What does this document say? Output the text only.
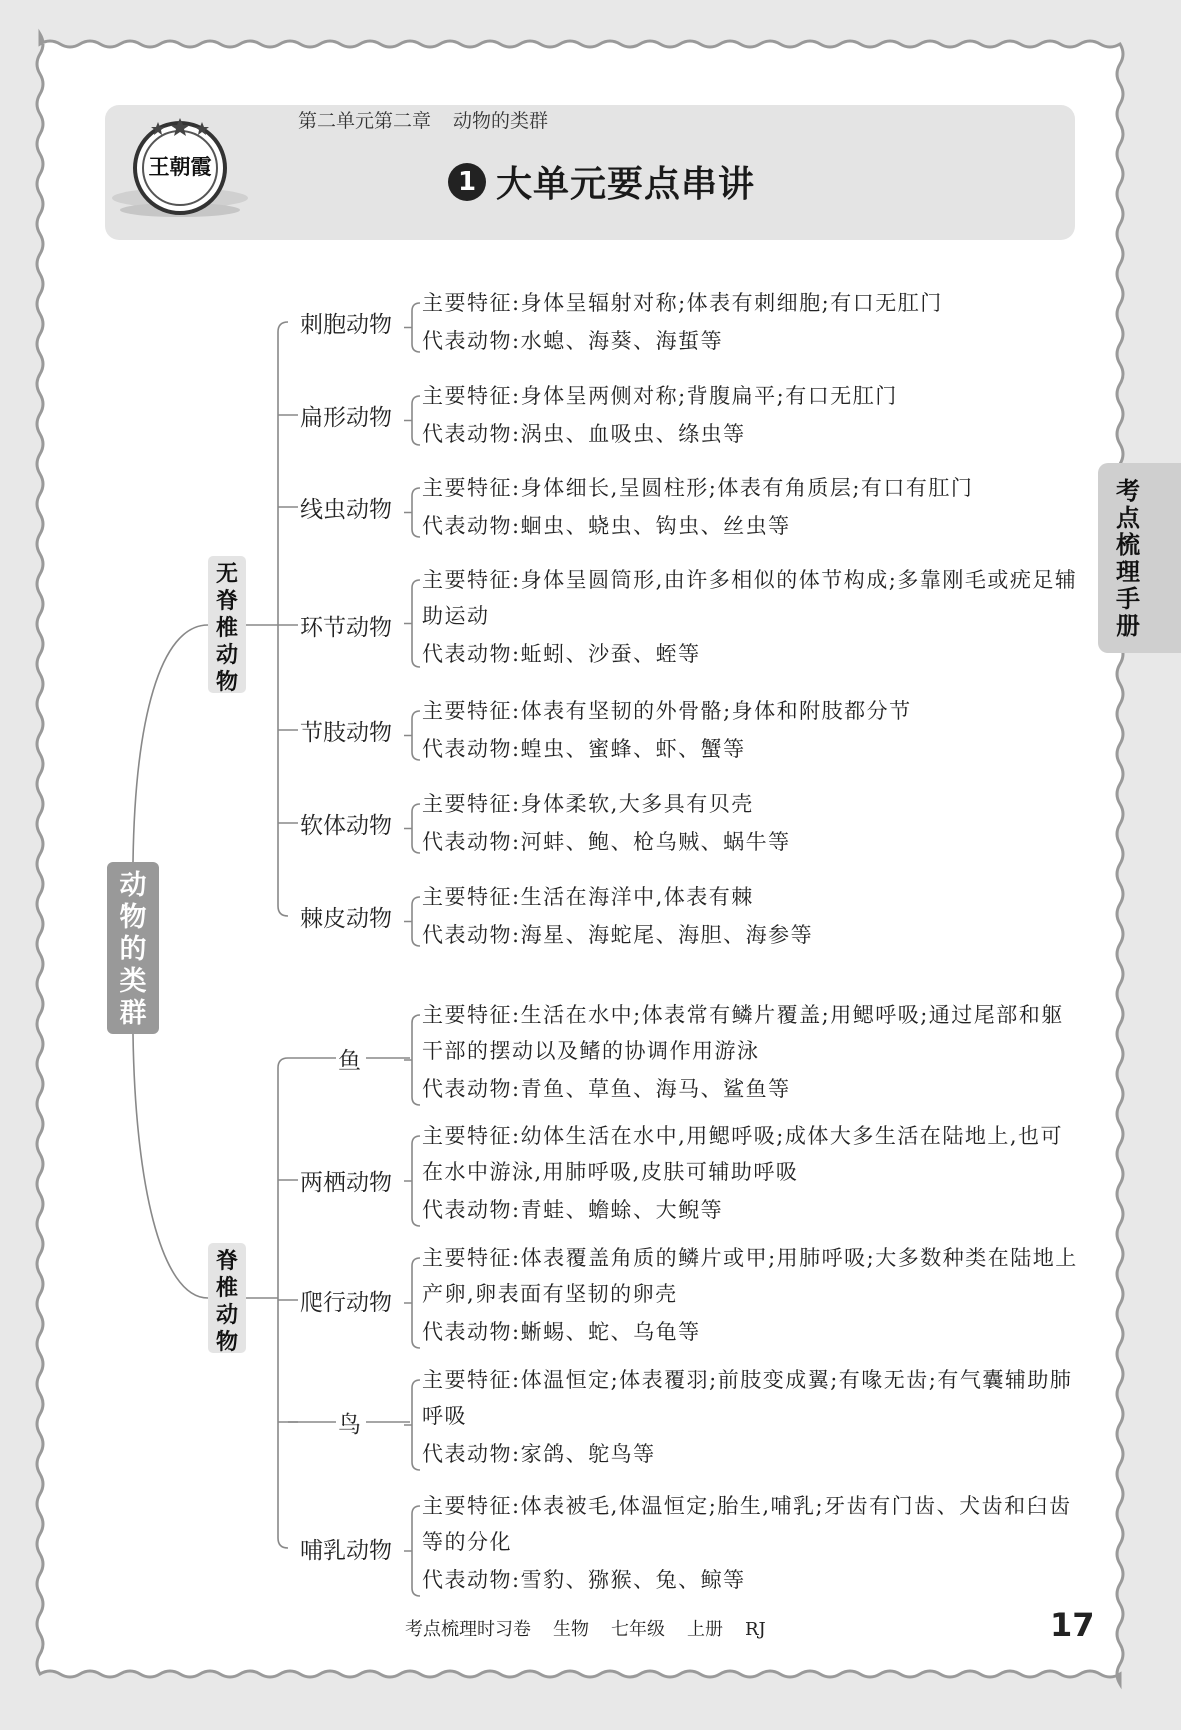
王朝霞
第二单元第二章 动物的类群
1 大单元要点串讲
考点梳理手册
动物的类群
无脊椎动物
脊椎动物
刺胞动物
主要特征:身体呈辐射对称;体表有刺细胞;有口无肛门
代表动物:水螅、海葵、海蜇等
扁形动物
主要特征:身体呈两侧对称;背腹扁平;有口无肛门
代表动物:涡虫、血吸虫、绦虫等
线虫动物
主要特征:身体细长,呈圆柱形;体表有角质层;有口有肛门
代表动物:蛔虫、蛲虫、钩虫、丝虫等
环节动物
主要特征:身体呈圆筒形,由许多相似的体节构成;多靠刚毛或疣足辅助运动
代表动物:蚯蚓、沙蚕、蛭等
节肢动物
主要特征:体表有坚韧的外骨骼;身体和附肢都分节
代表动物:蝗虫、蜜蜂、虾、蟹等
软体动物
主要特征:身体柔软,大多具有贝壳
代表动物:河蚌、鲍、枪乌贼、蜗牛等
棘皮动物
主要特征:生活在海洋中,体表有棘
代表动物:海星、海蛇尾、海胆、海参等
鱼
主要特征:生活在水中;体表常有鳞片覆盖;用鳃呼吸;通过尾部和躯干部的摆动以及鳍的协调作用游泳
代表动物:青鱼、草鱼、海马、鲨鱼等
两栖动物
主要特征:幼体生活在水中,用鳃呼吸;成体大多生活在陆地上,也可在水中游泳,用肺呼吸,皮肤可辅助呼吸
代表动物:青蛙、蟾蜍、大鲵等
爬行动物
主要特征:体表覆盖角质的鳞片或甲;用肺呼吸;大多数种类在陆地上产卵,卵表面有坚韧的卵壳
代表动物:蜥蜴、蛇、乌龟等
鸟
主要特征:体温恒定;体表覆羽;前肢变成翼;有喙无齿;有气囊辅助肺呼吸
代表动物:家鸽、鸵鸟等
哺乳动物
主要特征:体表被毛,体温恒定;胎生,哺乳;牙齿有门齿、犬齿和臼齿等的分化
代表动物:雪豹、猕猴、兔、鲸等
考点梳理时习卷 生物 七年级 上册 RJ	17
